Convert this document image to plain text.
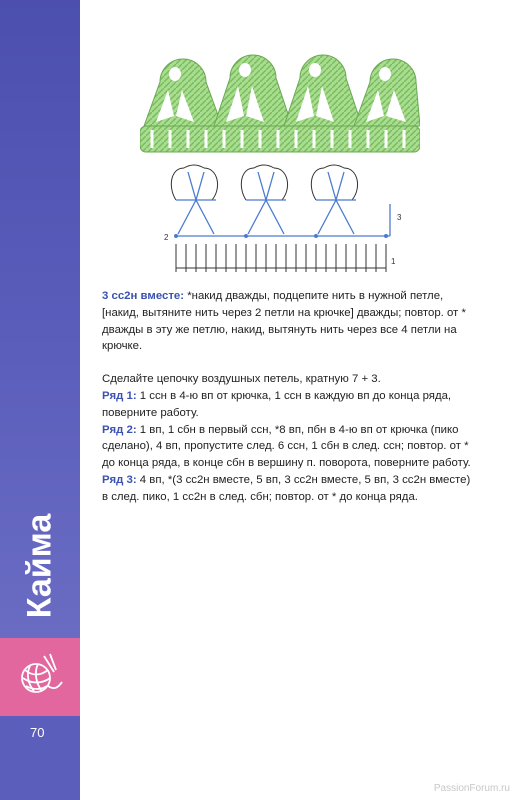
Кайма
70
3
2
1

3 сс2н вместе: *накид дважды, подцепите нить в нужной петле, [накид, вытяните нить через 2 петли на крючке] дважды; повтор. от * дважды в эту же петлю, накид, вытянуть нить через все 4 петли на крючке.

Сделайте цепочку воздушных петель, кратную 7 + 3.

Ряд 1: 1 ссн в 4-ю вп от крючка, 1 ссн в каждую вп до конца ряда, поверните работу.

Ряд 2: 1 вп, 1 сбн в первый ссн, *8 вп, пбн в 4-ю вп от крючка (пико сделано), 4 вп, пропустите след. 6 ссн, 1 сбн в след. ссн; повтор. от * до конца ряда, в конце сбн в вершину п. поворота, поверните работу.

Ряд 3: 4 вп, *(3 сс2н вместе, 5 вп, 3 сс2н вместе, 5 вп, 3 сс2н вместе) в след. пико, 1 сс2н в след. сбн; повтор. от * до конца ряда.

PassionForum.ru
